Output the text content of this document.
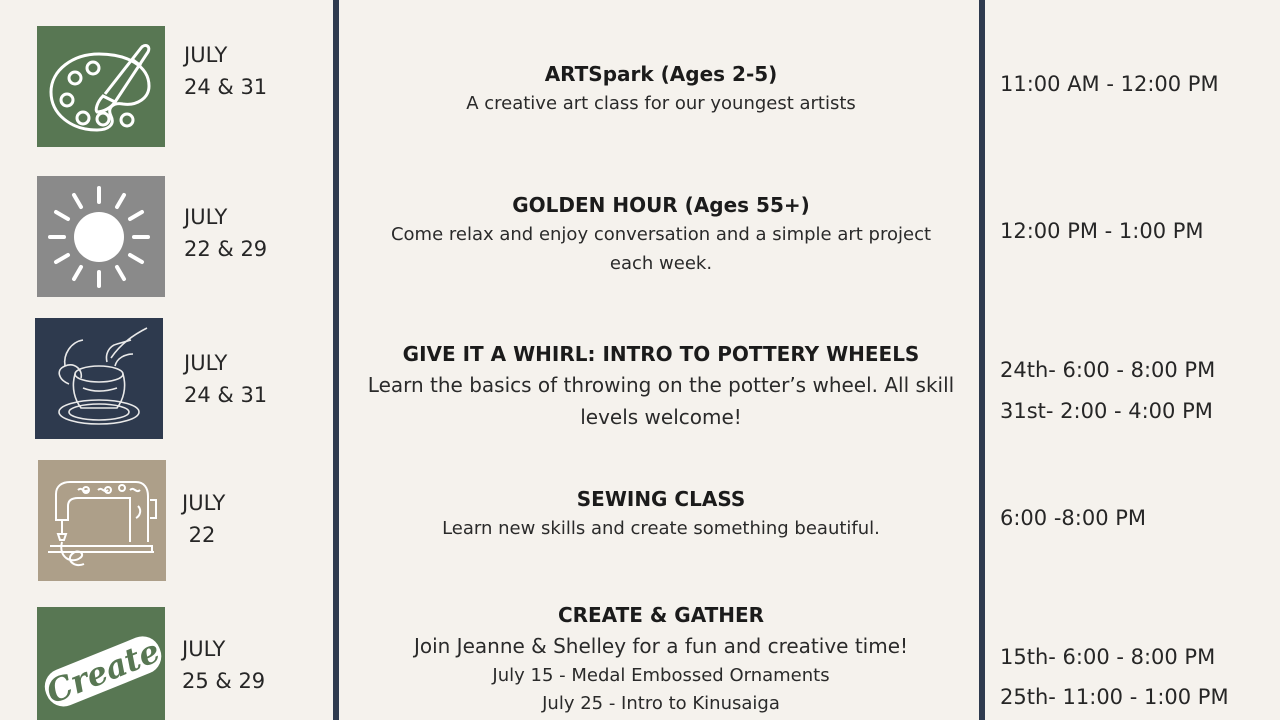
JULY
24 & 31
ARTSpark (Ages 2-5)
A creative art class for our youngest artists
11:00 AM - 12:00 PM
JULY
22 & 29
GOLDEN HOUR (Ages 55+)
Come relax and enjoy conversation and a simple art project
each week.
12:00 PM - 1:00 PM
JULY
24 & 31
GIVE IT A WHIRL: INTRO TO POTTERY WHEELS
Learn the basics of throwing on the potter’s wheel. All skill
levels welcome!
24th- 6:00 - 8:00 PM
31st- 2:00 - 4:00 PM
JULY
22
SEWING CLASS
Learn new skills and create something beautiful.	6:00 -8:00 PM
Create JULY
25 & 29
CREATE & GATHER
Join Jeanne & Shelley for a fun and creative time!
July 15 - Medal Embossed Ornaments
July 25 - Intro to Kinusaiga
15th- 6:00 - 8:00 PM
25th- 11:00 - 1:00 PM
